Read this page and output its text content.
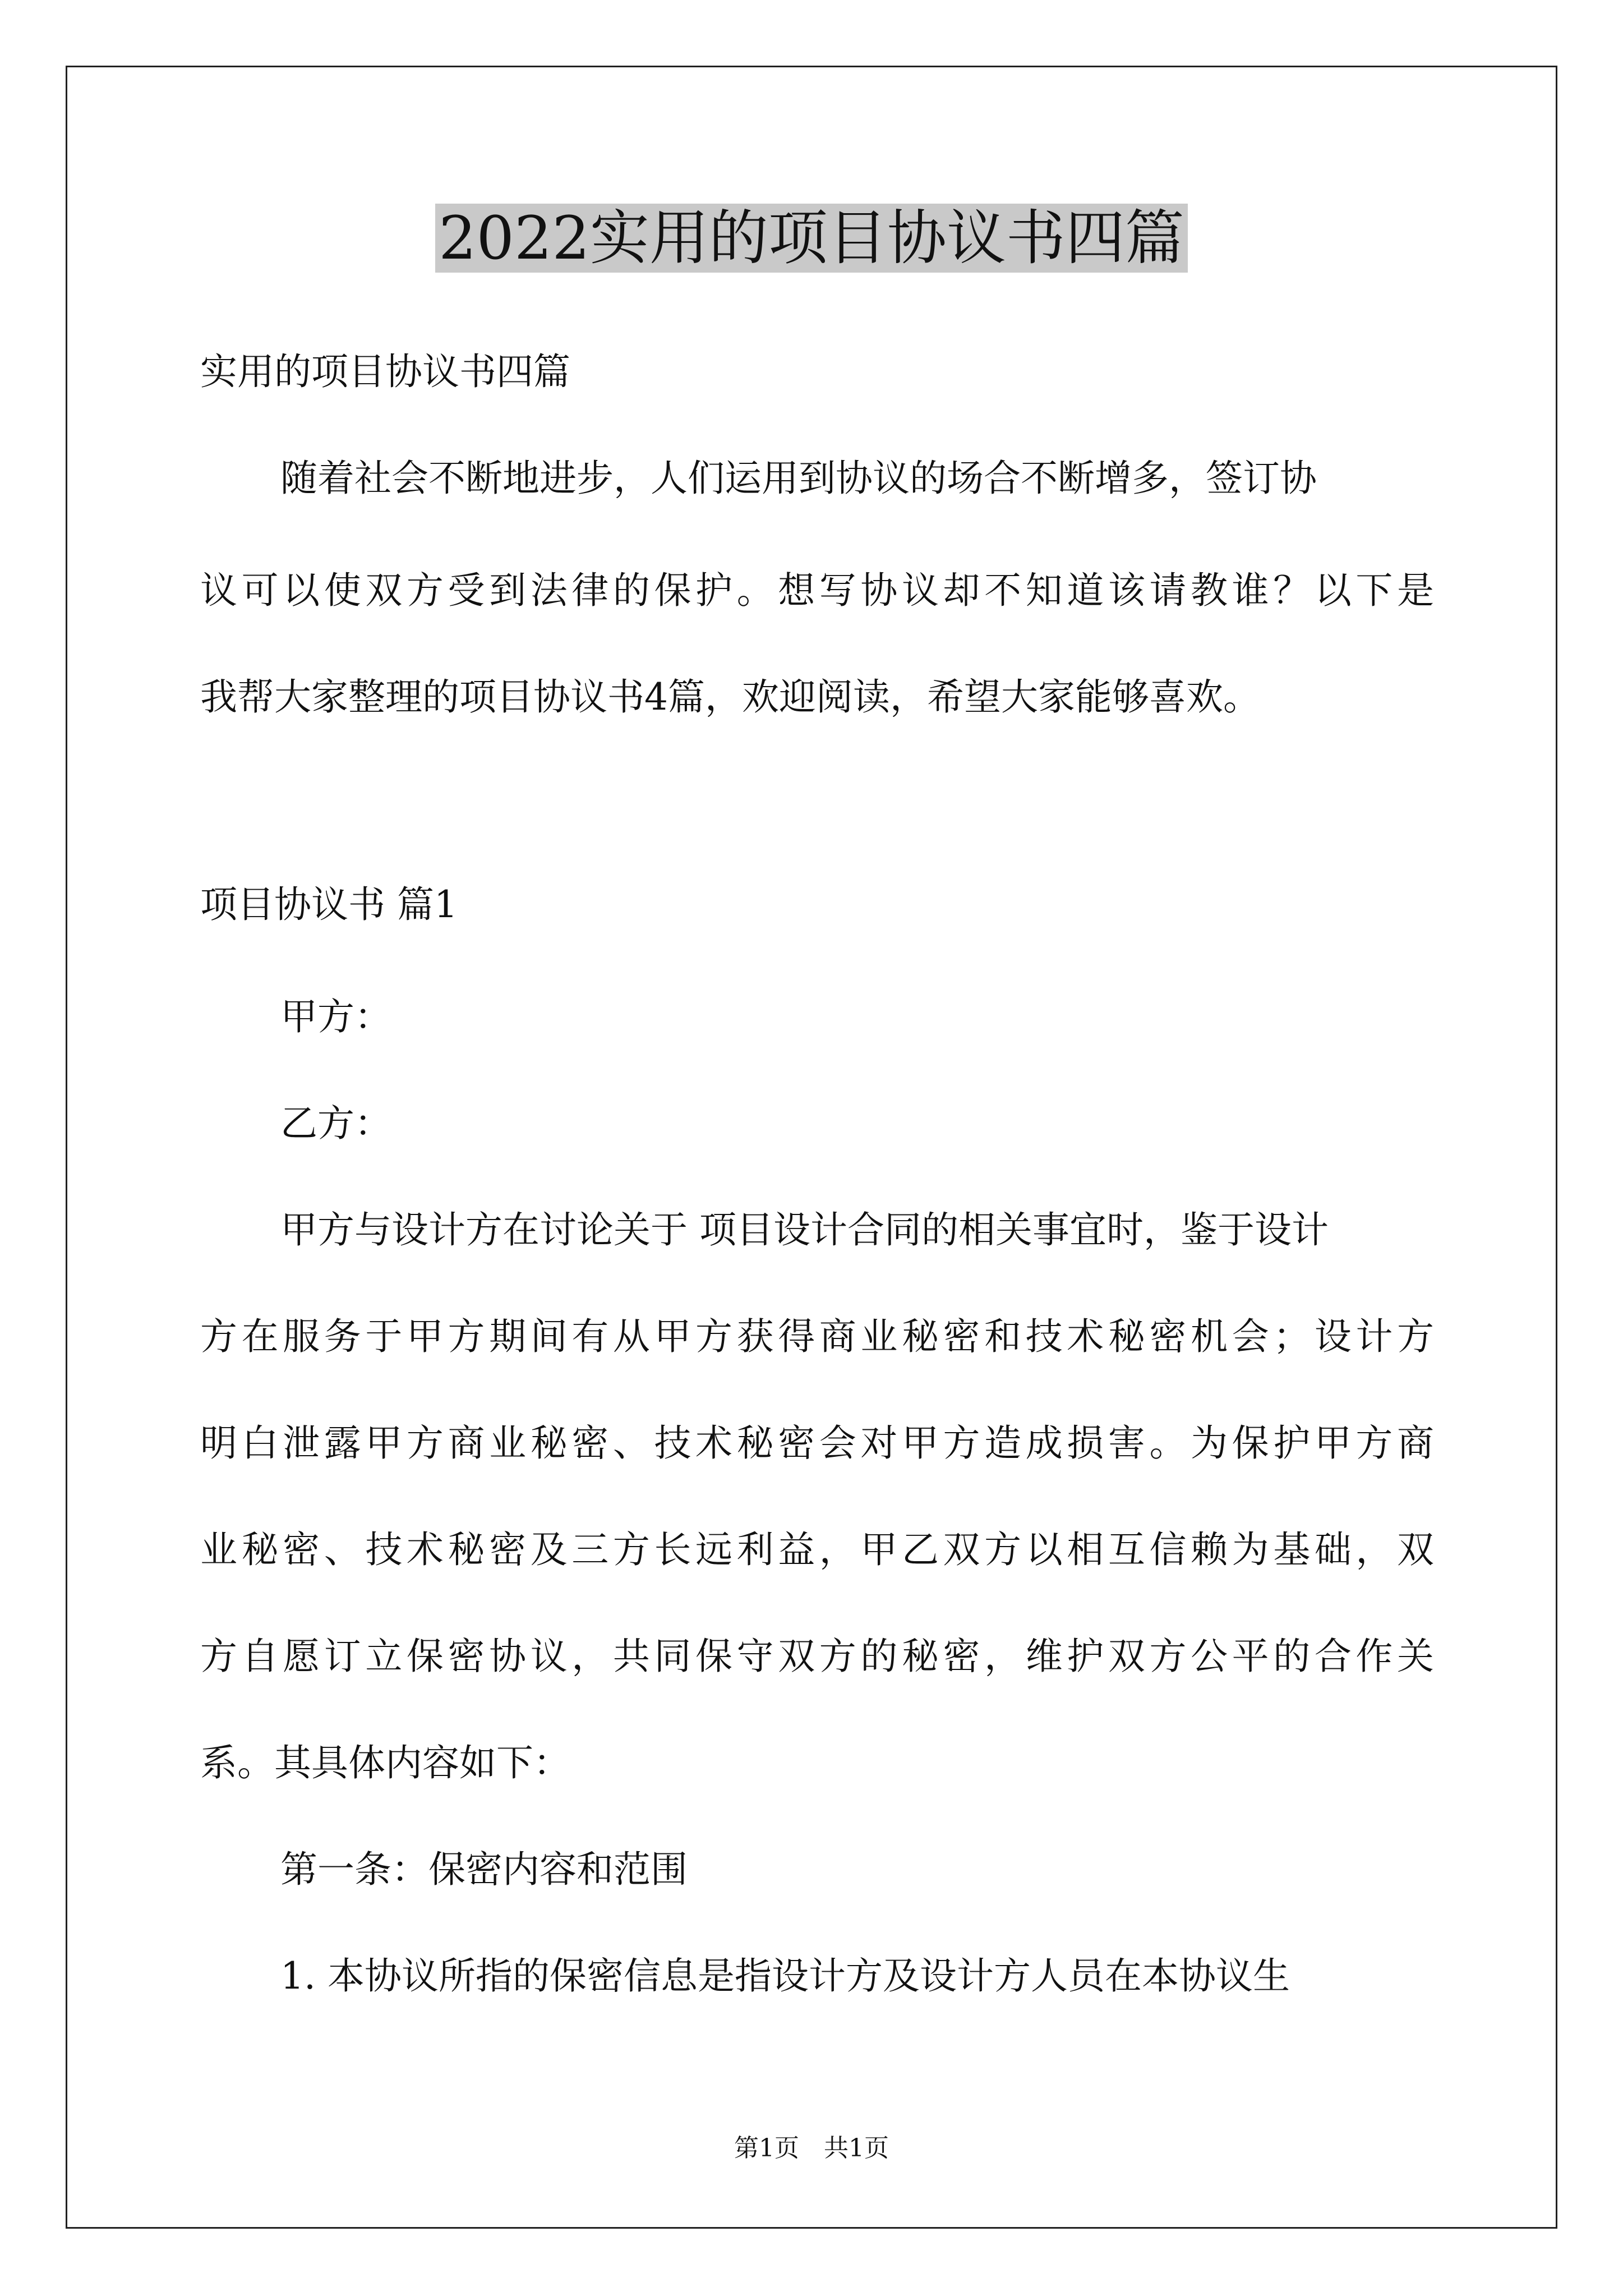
2022实用的项目协议书四篇

实用的项目协议书四篇

随着社会不断地进步，人们运用到协议的场合不断增多，签订协

议可以使双方受到法律的保护。想写协议却不知道该请教谁？以下是

我帮大家整理的项目协议书4篇，欢迎阅读，希望大家能够喜欢。

项目协议书 篇1

甲方：

乙方：

甲方与设计方在讨论关于 项目设计合同的相关事宜时，鉴于设计

方在服务于甲方期间有从甲方获得商业秘密和技术秘密机会；设计方

明白泄露甲方商业秘密、技术秘密会对甲方造成损害。为保护甲方商

业秘密、技术秘密及三方长远利益，甲乙双方以相互信赖为基础，双

方自愿订立保密协议，共同保守双方的秘密，维护双方公平的合作关

系。其具体内容如下：

第一条：保密内容和范围

1. 本协议所指的保密信息是指设计方及设计方人员在本协议生

第1页 共1页
